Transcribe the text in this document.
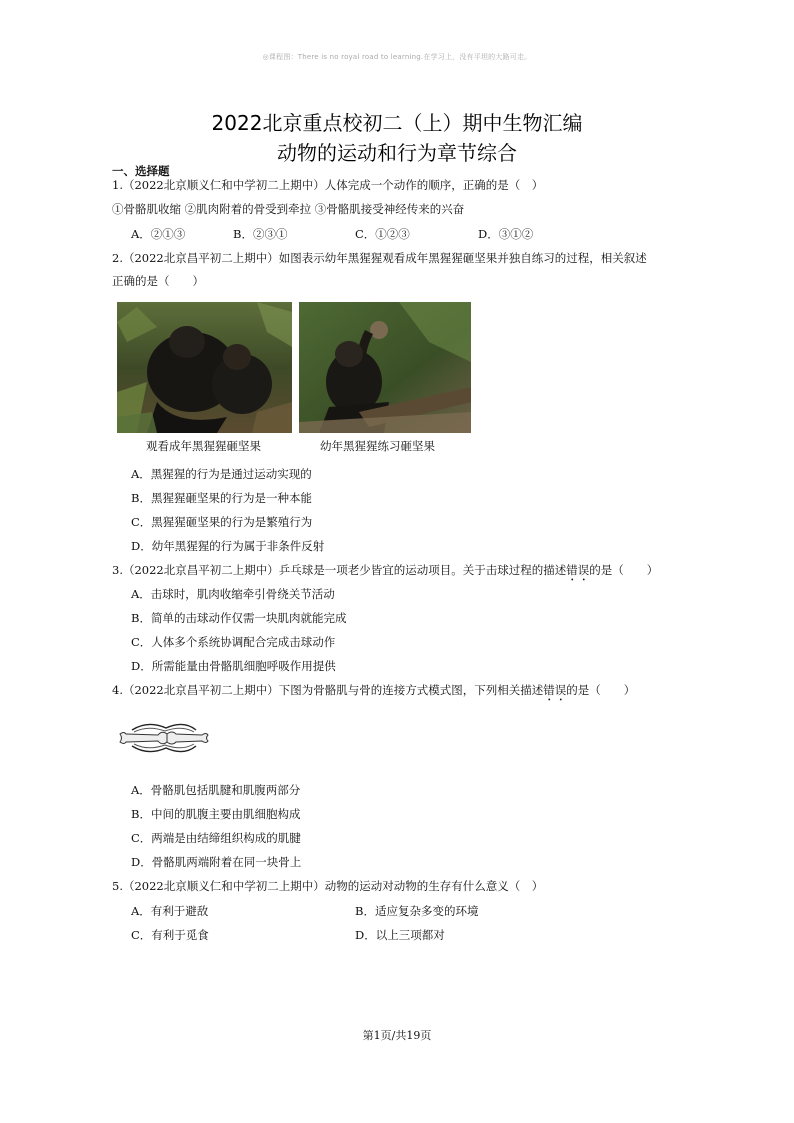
◎课程图：There is no royal road to learning.在学习上，没有平坦的大路可走。
2022北京重点校初二（上）期中生物汇编
动物的运动和行为章节综合
一、选择题
1.（2022北京顺义仁和中学初二上期中）人体完成一个动作的顺序，正确的是（　）
①骨骼肌收缩 ②肌肉附着的骨受到牵拉 ③骨骼肌接受神经传来的兴奋
A．②①③	B．②③①	C．①②③	D．③①②
2.（2022北京昌平初二上期中）如图表示幼年黑猩猩观看成年黑猩猩砸坚果并独自练习的过程，相关叙述
正确的是（　　）
观看成年黑猩猩砸坚果	幼年黑猩猩练习砸坚果
A．黑猩猩的行为是通过运动实现的
B．黑猩猩砸坚果的行为是一种本能
C．黑猩猩砸坚果的行为是繁殖行为
D．幼年黑猩猩的行为属于非条件反射
3.（2022北京昌平初二上期中）乒乓球是一项老少皆宜的运动项目。关于击球过程的描述错误的是（　　）
A．击球时，肌肉收缩牵引骨绕关节活动
B．简单的击球动作仅需一块肌肉就能完成
C．人体多个系统协调配合完成击球动作
D．所需能量由骨骼肌细胞呼吸作用提供
4.（2022北京昌平初二上期中）下图为骨骼肌与骨的连接方式模式图，下列相关描述错误的是（　　）
A．骨骼肌包括肌腱和肌腹两部分
B．中间的肌腹主要由肌细胞构成
C．两端是由结缔组织构成的肌腱
D．骨骼肌两端附着在同一块骨上
5.（2022北京顺义仁和中学初二上期中）动物的运动对动物的生存有什么意义（　）
A．有利于避敌	B．适应复杂多变的环境
C．有利于觅食	D．以上三项都对
第1页/共19页
